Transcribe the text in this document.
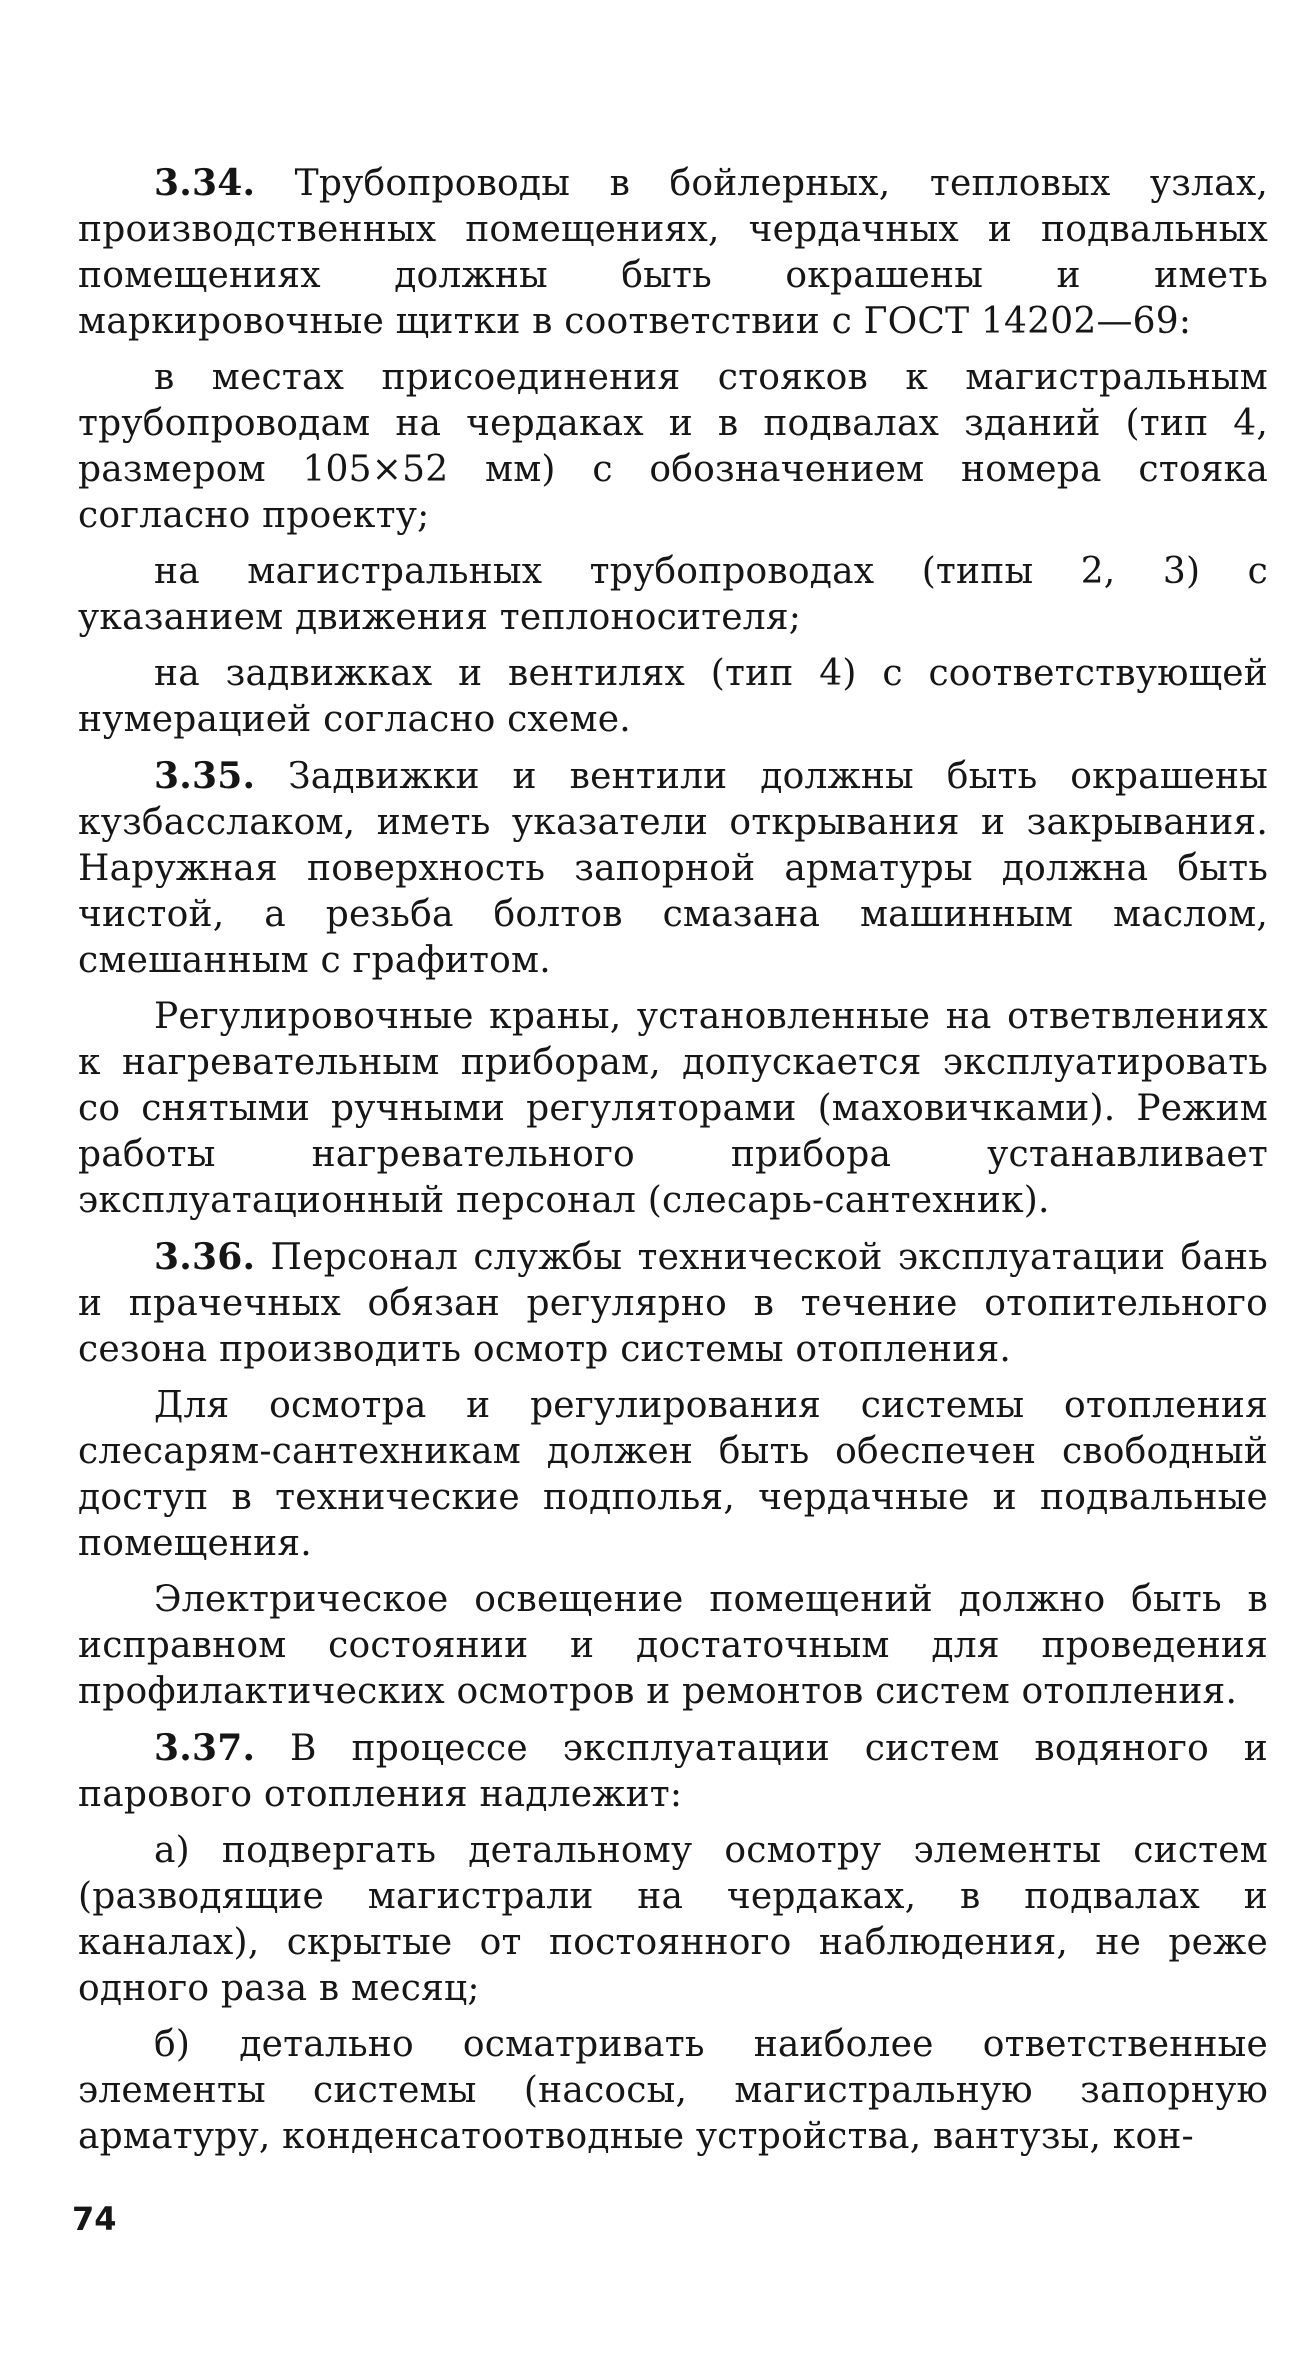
3.34. Трубопроводы в бойлерных, тепловых узлах, производственных помещениях, чердачных и подвальных помещениях должны быть окрашены и иметь маркировочные щитки в соответствии с ГОСТ 14202—69:

в местах присоединения стояков к магистральным трубопроводам на чердаках и в подвалах зданий (тип 4, размером 105×52 мм) с обозначением номера стояка согласно проекту;

на магистральных трубопроводах (типы 2, 3) с указанием движения теплоносителя;

на задвижках и вентилях (тип 4) с соответствующей нумерацией согласно схеме.

3.35. Задвижки и вентили должны быть окрашены кузбасслаком, иметь указатели открывания и закрывания. Наружная поверхность запорной арматуры должна быть чистой, а резьба болтов смазана машинным маслом, смешанным с графитом.

Регулировочные краны, установленные на ответвлениях к нагревательным приборам, допускается эксплуатировать со снятыми ручными регуляторами (маховичками). Режим работы нагревательного прибора устанавливает эксплуатационный персонал (слесарь-сантехник).

3.36. Персонал службы технической эксплуатации бань и прачечных обязан регулярно в течение отопительного сезона производить осмотр системы отопления.

Для осмотра и регулирования системы отопления слесарям-сантехникам должен быть обеспечен свободный доступ в технические подполья, чердачные и подвальные помещения.

Электрическое освещение помещений должно быть в исправном состоянии и достаточным для проведения профилактических осмотров и ремонтов систем отопления.

3.37. В процессе эксплуатации систем водяного и парового отопления надлежит:

а) подвергать детальному осмотру элементы систем (разводящие магистрали на чердаках, в подвалах и каналах), скрытые от постоянного наблюдения, не реже одного раза в месяц;

б) детально осматривать наиболее ответственные элементы системы (насосы, магистральную запорную арматуру, конденсатоотводные устройства, вантузы, кон-

74
